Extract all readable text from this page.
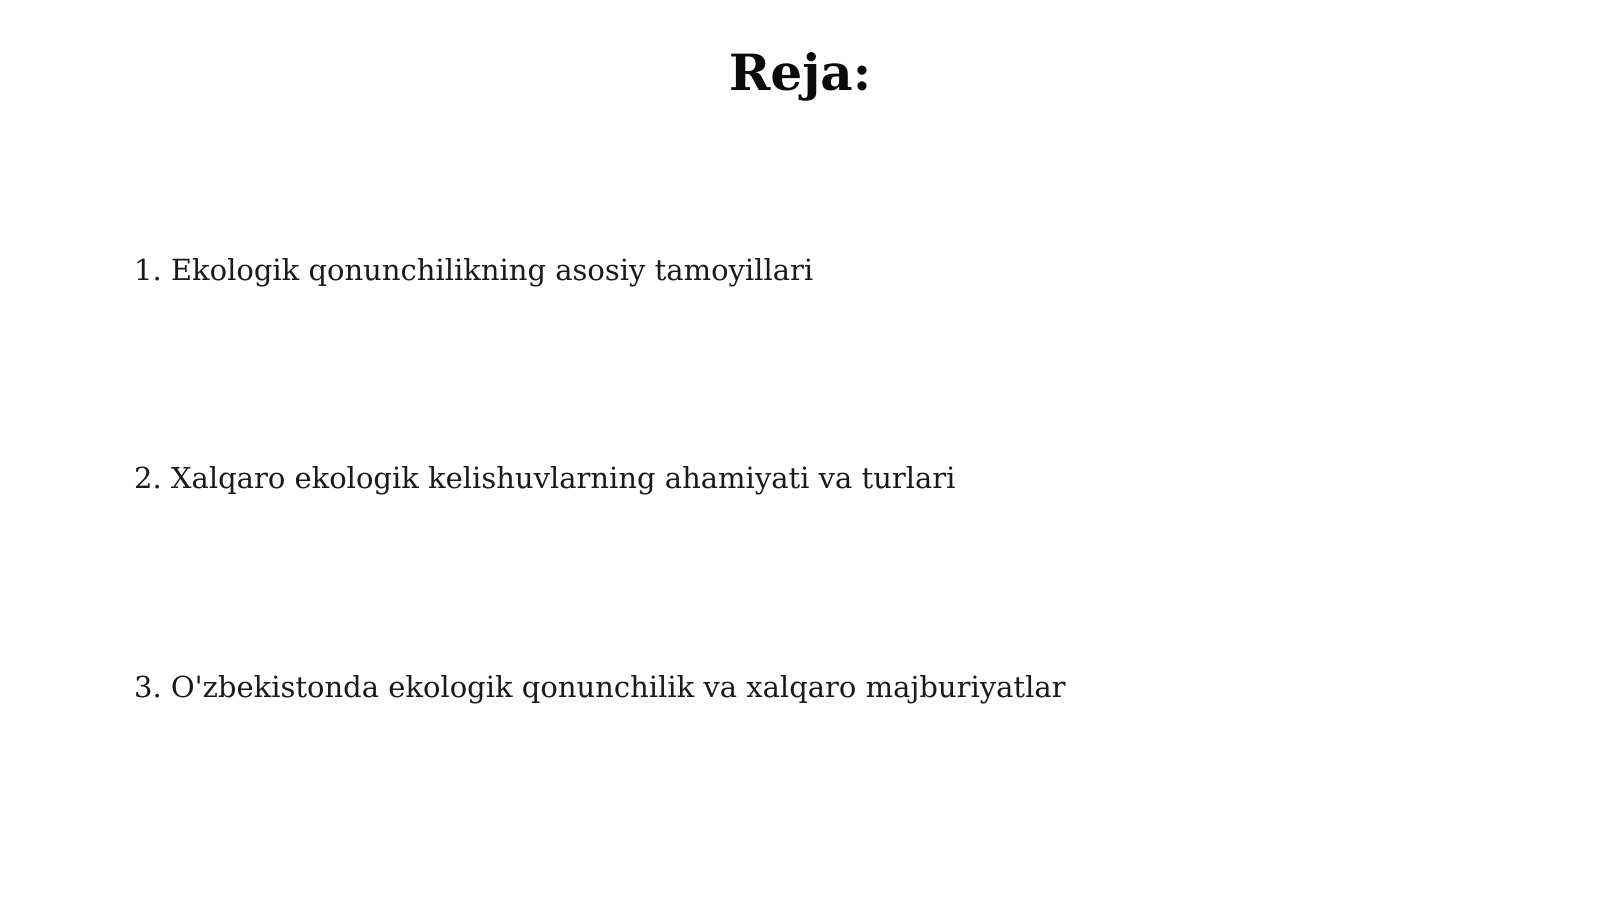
Reja:

1. Ekologik qonunchilikning asosiy tamoyillari

2. Xalqaro ekologik kelishuvlarning ahamiyati va turlari

3. O'zbekistonda ekologik qonunchilik va xalqaro majburiyatlar
